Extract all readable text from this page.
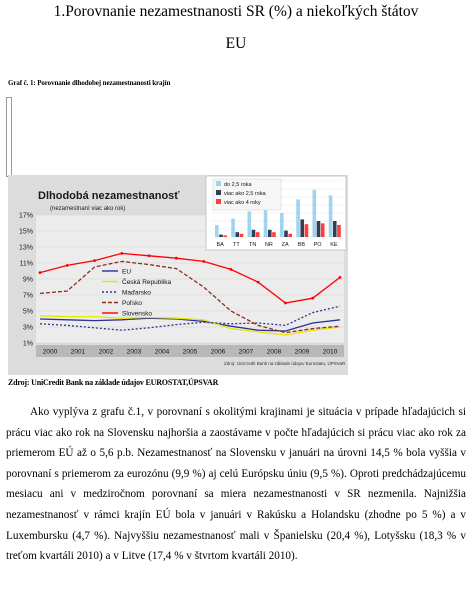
1.Porovnanie nezamestnanosti SR (%) a niekoľkých štátov
EU
Graf č. 1: Porovnanie dlhodobej nezamestnanosti krajín
Dlhodobá nezamestnanosť
(nezamestnaní viac ako rok)
1%
3%
5%
7%
9%
11%
13%
15%
17%
EU
Česká Republika
Maďarsko
Poľsko
Slovensko
2000 2001 2002 2003 2004 2005 2006 2007 2008 2009 2010
Zdroj: UniCredit Bank na základe údajov Eurostatu, ÚPSVaR
BA TT TN NR ZA BB PO KE
do 2,5 roka
viac ako 2,5 roka
viac ako 4 roky
Zdroj: UniCredit Bank na základe údajov EUROSTAT,ÚPSVAR

Ako vyplýva z grafu č.1, v porovnaní s okolitými krajinami je situácia v prípade hľadajúcich si prácu viac ako rok na Slovensku najhoršia a zaostávame v počte hľadajúcich si prácu viac ako rok za priemerom EÚ až o 5,6 p.b. Nezamestnanosť na Slovensku v januári na úrovni 14,5 % bola vyššia v porovnaní s priemerom za eurozónu (9,9 %) aj celú Európsku úniu (9,5 %). Oproti predchádzajúcemu mesiacu ani v medziročnom porovnaní sa miera nezamestnanosti v SR nezmenila. Najnižšia nezamestnanosť v rámci krajín EÚ bola v januári v Rakúsku a Holandsku (zhodne po 5 %) a v Luxembursku (4,7 %). Najvyššiu nezamestnanosť mali v Španielsku (20,4 %), Lotyšsku (18,3 % v treťom kvartáli 2010) a v Litve (17,4 % v štvrtom kvartáli 2010).
